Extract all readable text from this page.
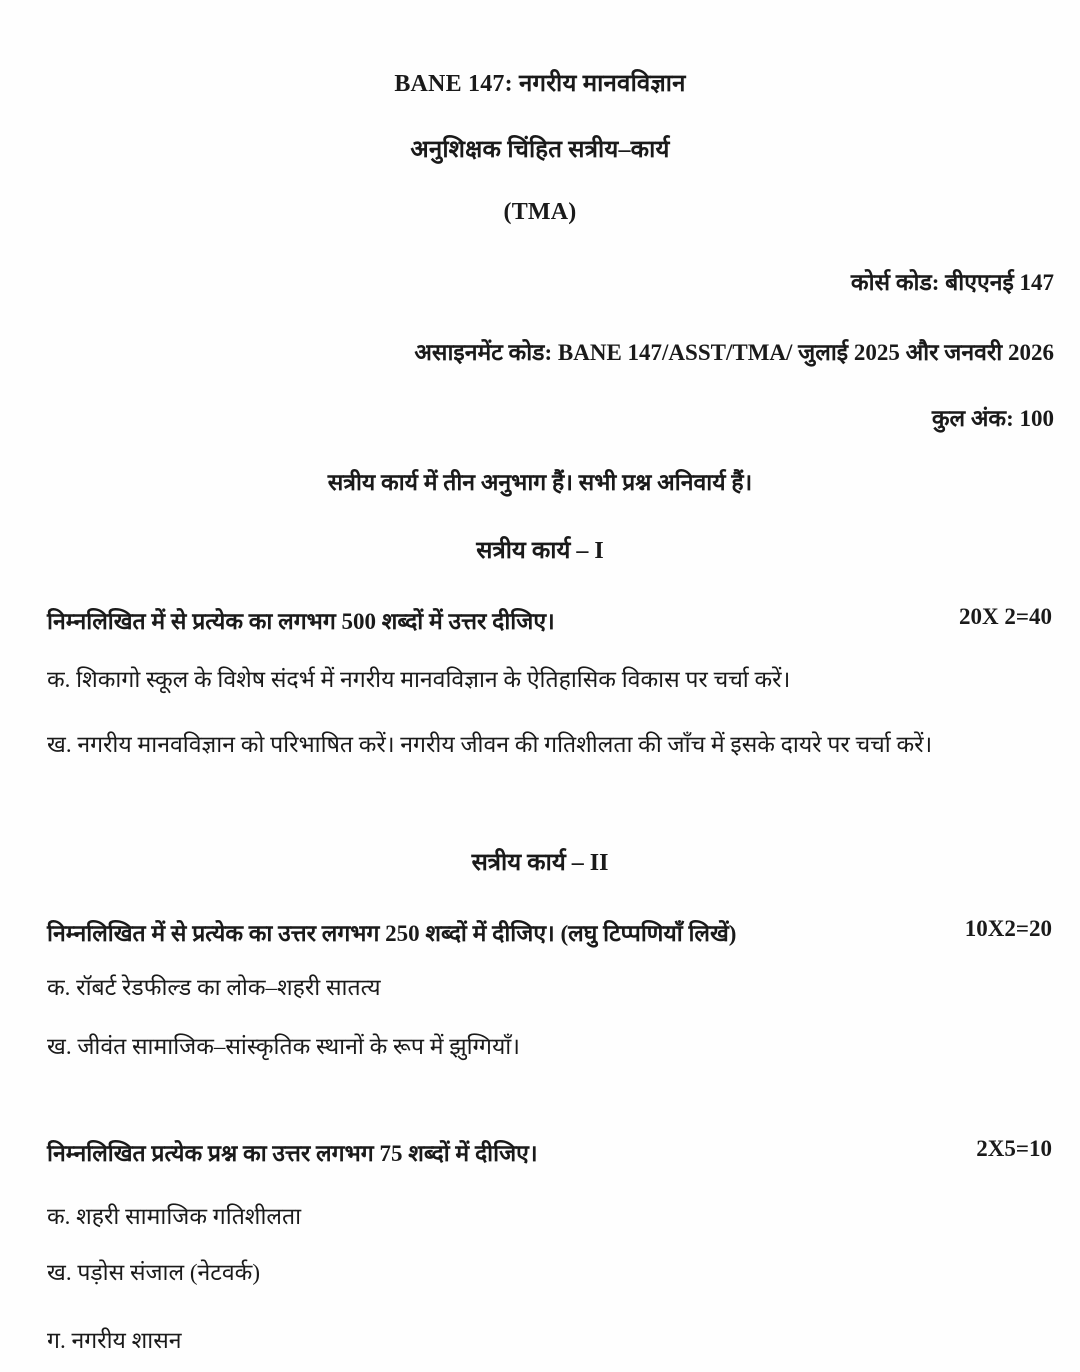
BANE 147: नगरीय मानवविज्ञान
अनुशिक्षक चिंहित सत्रीय–कार्य
(TMA)
कोर्स कोड: बीएएनई 147
असाइनमेंट कोड: BANE 147/ASST/TMA/ जुलाई 2025 और जनवरी 2026
कुल अंक: 100
सत्रीय कार्य में तीन अनुभाग हैं। सभी प्रश्न अनिवार्य हैं।
सत्रीय कार्य – I
निम्नलिखित में से प्रत्येक का लगभग 500 शब्दों में उत्तर दीजिए।	20X 2=40
क. शिकागो स्कूल के विशेष संदर्भ में नगरीय मानवविज्ञान के ऐतिहासिक विकास पर चर्चा करें।
ख. नगरीय मानवविज्ञान को परिभाषित करें। नगरीय जीवन की गतिशीलता की जाँच में इसके दायरे पर चर्चा करें।
सत्रीय कार्य – II
निम्नलिखित में से प्रत्येक का उत्तर लगभग 250 शब्दों में दीजिए। (लघु टिप्पणियाँ लिखें)	10X2=20
क. रॉबर्ट रेडफील्ड का लोक–शहरी सातत्य
ख. जीवंत सामाजिक–सांस्कृतिक स्थानों के रूप में झुग्गियाँ।
निम्नलिखित प्रत्येक प्रश्न का उत्तर लगभग 75 शब्दों में दीजिए।	2X5=10
क. शहरी सामाजिक गतिशीलता
ख. पड़ोस संजाल (नेटवर्क)
ग. नगरीय शासन
